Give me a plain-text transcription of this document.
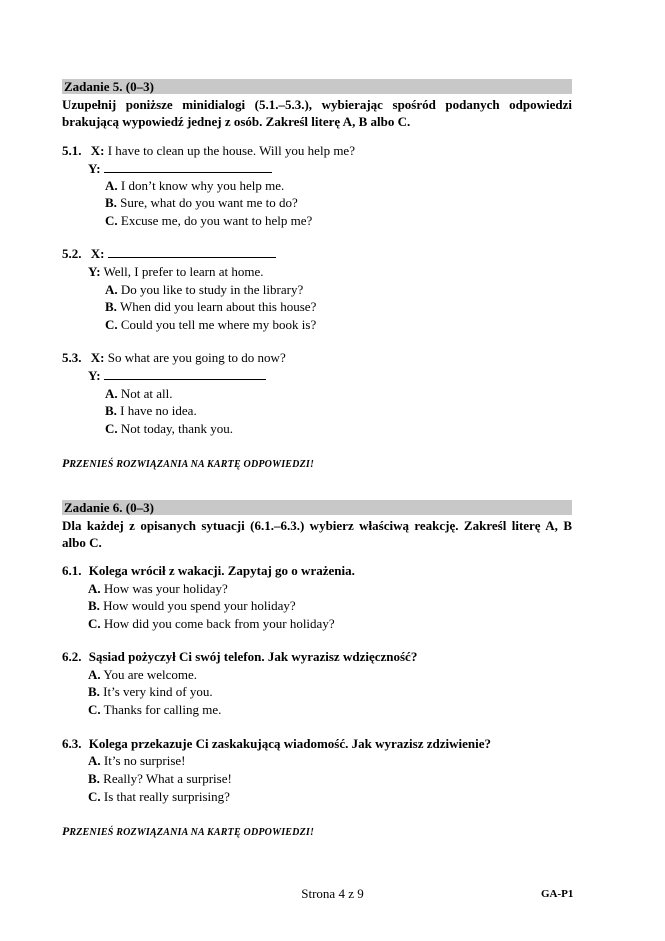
Zadanie 5. (0–3)
Uzupełnij poniższe minidialogi (5.1.–5.3.), wybierając spośród podanych odpowiedzi brakującą wypowiedź jednej z osób. Zakreśl literę A, B albo C.
5.1. X: I have to clean up the house. Will you help me?
Y:
A. I don’t know why you help me.
B. Sure, what do you want me to do?
C. Excuse me, do you want to help me?
5.2. X:
Y: Well, I prefer to learn at home.
A. Do you like to study in the library?
B. When did you learn about this house?
C. Could you tell me where my book is?
5.3. X: So what are you going to do now?
Y:
A. Not at all.
B. I have no idea.
C. Not today, thank you.
PRZENIEŚ ROZWIĄZANIA NA KARTĘ ODPOWIEDZI!
Zadanie 6. (0–3)
Dla każdej z opisanych sytuacji (6.1.–6.3.) wybierz właściwą reakcję. Zakreśl literę A, B albo C.
6.1. Kolega wrócił z wakacji. Zapytaj go o wrażenia.
A. How was your holiday?
B. How would you spend your holiday?
C. How did you come back from your holiday?
6.2. Sąsiad pożyczył Ci swój telefon. Jak wyrazisz wdzięczność?
A. You are welcome.
B. It’s very kind of you.
C. Thanks for calling me.
6.3. Kolega przekazuje Ci zaskakującą wiadomość. Jak wyrazisz zdziwienie?
A. It’s no surprise!
B. Really? What a surprise!
C. Is that really surprising?
PRZENIEŚ ROZWIĄZANIA NA KARTĘ ODPOWIEDZI!
Strona 4 z 9	GA-P1
